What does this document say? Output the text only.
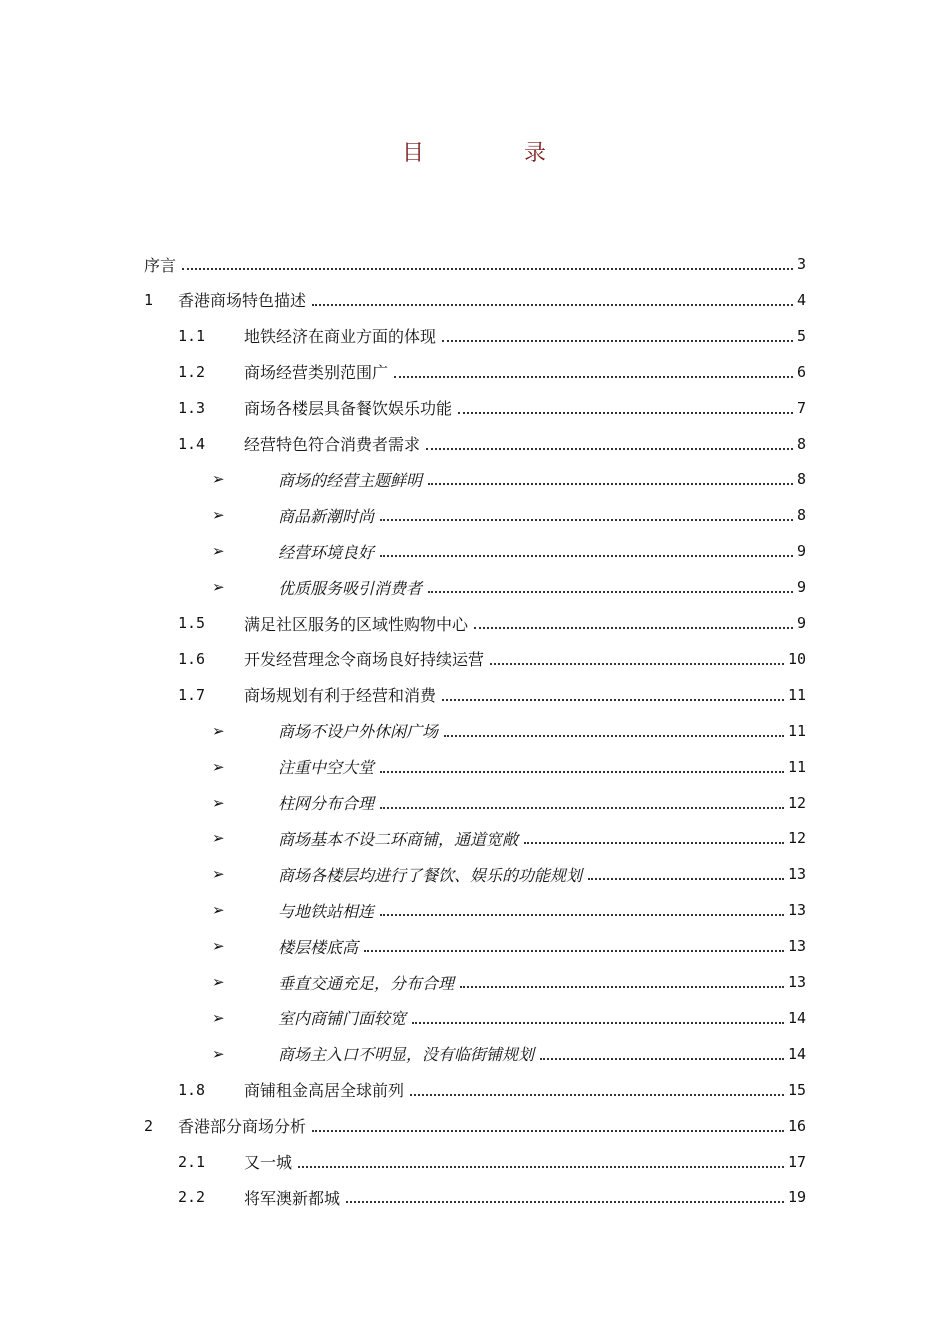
目	录
序言	3
1 香港商场特色描述	4
1.1 地铁经济在商业方面的体现	5
1.2 商场经营类别范围广	6
1.3 商场各楼层具备餐饮娱乐功能	7
1.4 经营特色符合消费者需求	8
➢	商场的经营主题鲜明	8
➢	商品新潮时尚	8
➢	经营环境良好	9
➢	优质服务吸引消费者	9
1.5 满足社区服务的区域性购物中心	9
1.6 开发经营理念令商场良好持续运营	10
1.7 商场规划有利于经营和消费	11
➢	商场不设户外休闲广场	11
➢	注重中空大堂	11
➢	柱网分布合理	12
➢	商场基本不设二环商铺，通道宽敞	12
➢	商场各楼层均进行了餐饮、娱乐的功能规划	13
➢	与地铁站相连	13
➢	楼层楼底高	13
➢	垂直交通充足，分布合理	13
➢	室内商铺门面较宽	14
➢	商场主入口不明显，没有临街铺规划	14
1.8 商铺租金高居全球前列	15
2 香港部分商场分析	16
2.1 又一城	17
2.2 将军澳新都城	19
